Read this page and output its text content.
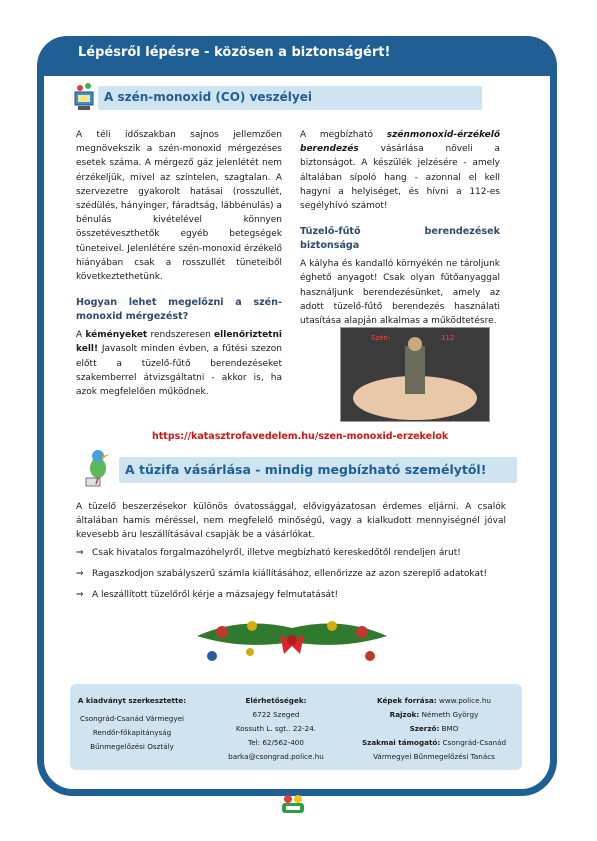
Lépésről lépésre - közösen a biztonságért!
A szén-monoxid (CO) veszélyei

A téli időszakban sajnos jellemzően megnövekszik a szén-monoxid mérgezéses esetek száma. A mérgező gáz jelenlétét nem érzékeljük, mivel az színtelen, szagtalan. A szervezetre gyakorolt hatásai (rosszullét, szédülés, hányinger, fáradtság, lábbénulás) a bénulás kivételével könnyen összetéveszthetők egyéb betegségek tüneteivel. Jelenlétére szén-monoxid érzékelő hiányában csak a rosszullét tüneteiből következtethetünk.

Hogyan lehet megelőzni a szén-monoxid mérgezést?

A kéményeket rendszeresen ellenőriztetni kell! Javasolt minden évben, a fűtési szezon előtt a tüzelő-fűtő berendezéseket szakemberrel átvizsgáltatni - akkor is, ha azok megfelelően működnek.

A megbízható szénmonoxid-érzékelő berendezés vásárlása növeli a biztonságot. A készülék jelzésére - amely általában sípoló hang - azonnal el kell hagyni a helyiséget, és hívni a 112-es segélyhívó számot!

Tüzelő-fűtő berendezések biztonsága

A kályha és kandalló környékén ne tároljunk éghető anyagot! Csak olyan fűtőanyaggal használjunk berendezésünket, amely az adott tüzelő-fűtő berendezés használati utasítása alapján alkalmas a működtetésre.

Szén-	112
https://katasztrofavedelem.hu/szen-monoxid-erzekelok
A tűzifa vásárlása - mindig megbízható személytől!
A tüzelő beszerzésekor különös óvatossággal, elővigyázatosan érdemes eljárni. A csalók általában hamis méréssel, nem megfelelő minőségű, vagy a kialkudott mennyiségnél jóval kevesebb áru leszállításával csapják be a vásárlókat.
⇒ Csak hivatalos forgalmazóhelyről, illetve megbízható kereskedőtől rendeljen árut!
⇒ Ragaszkodjon szabályszerű számla kiállításához, ellenőrizze az azon szereplő adatokat!
⇒ A leszállított tüzelőről kérje a mázsajegy felmutatását!
A kiadványt szerkesztette:
Csongrád-Csanád Vármegyei
Rendőr-főkapitányság
Bűnmegelőzési Osztály
Elérhetőségek:
6722 Szeged
Kossuth L. sgt.. 22-24.
Tel: 62/562-400
barka@csongrad.police.hu
Képek forrása: www.police.hu
Rajzok: Németh György
Szerző: BMO
Szakmai támogató: Csongrád-Csanád
Vármegyei Bűnmegelőzési Tanács
